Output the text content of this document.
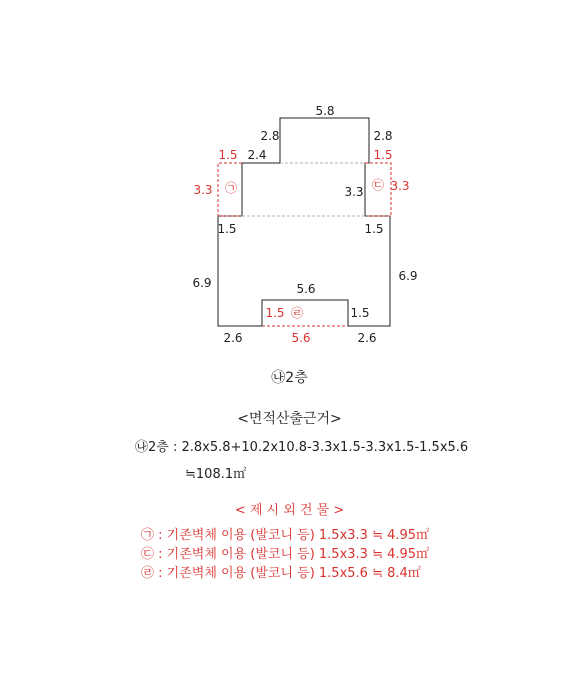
5.8
2.8	2.8
2.4
3.3
1.5	1.5
6.9	6.9
5.6
1.5
2.6	2.6
1.5	1.5
3.3	3.3
1.5
5.6
㉠	㉢
㉣
㉯2층
<면적산출근거>
㉯2층 : 2.8x5.8+10.2x10.8-3.3x1.5-3.3x1.5-1.5x5.6
≒108.1㎡
< 제 시 외 건 물 >
㉠ : 기존벽체 이용 (발코니 등) 1.5x3.3 ≒ 4.95㎡
㉢ : 기존벽체 이용 (발코니 등) 1.5x3.3 ≒ 4.95㎡
㉣ : 기존벽체 이용 (발코니 등) 1.5x5.6 ≒ 8.4㎡
